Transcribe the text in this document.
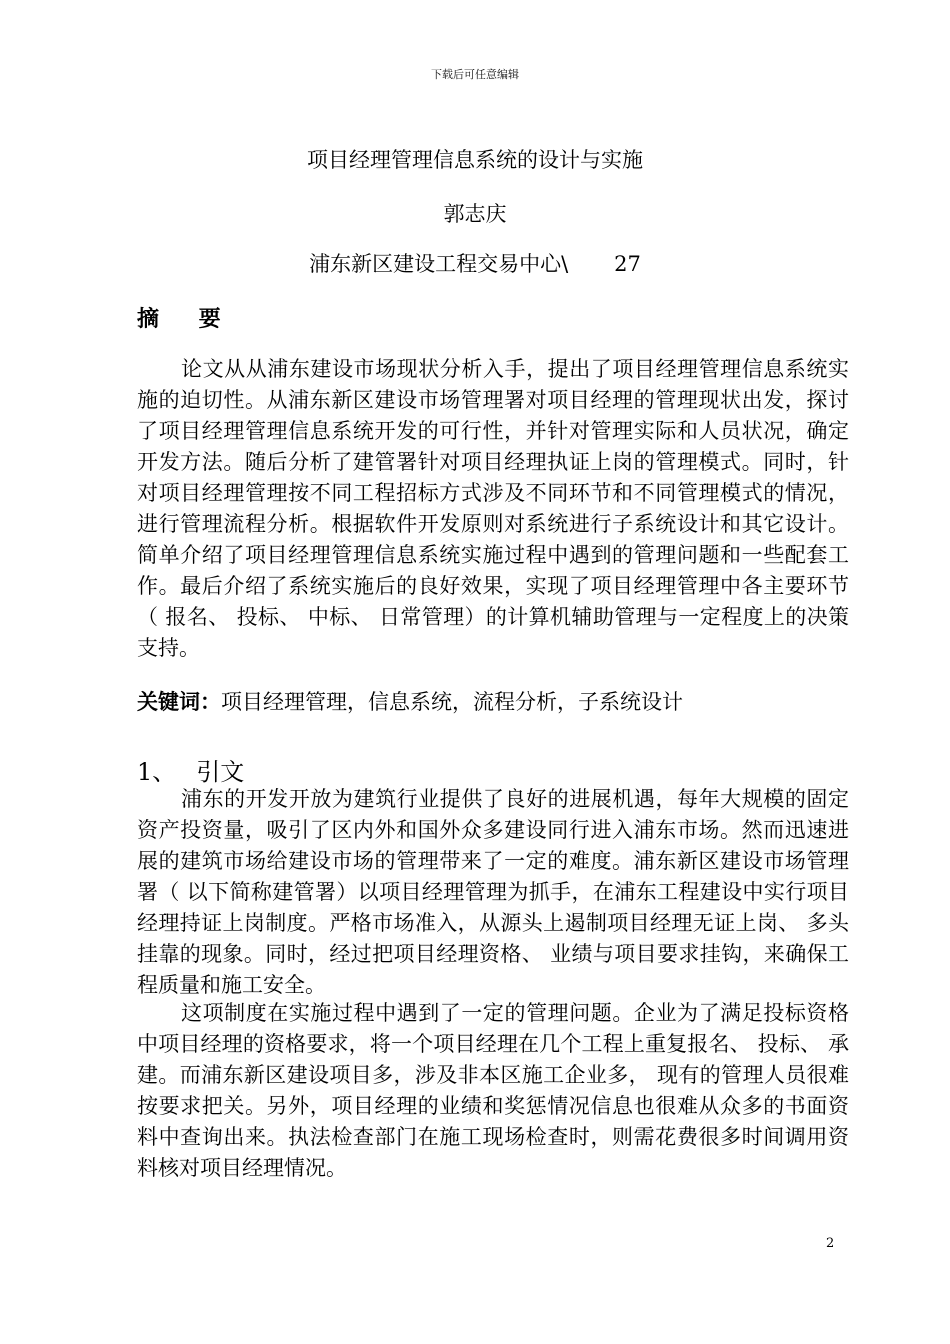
下载后可任意编辑
项目经理管理信息系统的设计与实施
郭志庆
浦东新区建设工程交易中心\ 27
摘 要

论文从从浦东建设市场现状分析入手，提出了项目经理管理信息系统实施的迫切性。从浦东新区建设市场管理署对项目经理的管理现状出发，探讨了项目经理管理信息系统开发的可行性，并针对管理实际和人员状况，确定开发方法。随后分析了建管署针对项目经理执证上岗的管理模式。同时，针对项目经理管理按不同工程招标方式涉及不同环节和不同管理模式的情况，进行管理流程分析。根据软件开发原则对系统进行子系统设计和其它设计。简单介绍了项目经理管理信息系统实施过程中遇到的管理问题和一些配套工作。最后介绍了系统实施后的良好效果，实现了项目经理管理中各主要环节（ 报名、 投标、 中标、 日常管理）的计算机辅助管理与一定程度上的决策支持。

关键词：项目经理管理，信息系统，流程分析，子系统设计
1、 引文

浦东的开发开放为建筑行业提供了良好的进展机遇，每年大规模的固定资产投资量，吸引了区内外和国外众多建设同行进入浦东市场。然而迅速进展的建筑市场给建设市场的管理带来了一定的难度。浦东新区建设市场管理署（ 以下简称建管署）以项目经理管理为抓手，在浦东工程建设中实行项目经理持证上岗制度。严格市场准入，从源头上遏制项目经理无证上岗、 多头挂靠的现象。同时，经过把项目经理资格、 业绩与项目要求挂钩，来确保工程质量和施工安全。

这项制度在实施过程中遇到了一定的管理问题。企业为了满足投标资格中项目经理的资格要求，将一个项目经理在几个工程上重复报名、 投标、 承建。而浦东新区建设项目多，涉及非本区施工企业多， 现有的管理人员很难按要求把关。另外，项目经理的业绩和奖惩情况信息也很难从众多的书面资料中查询出来。执法检查部门在施工现场检查时，则需花费很多时间调用资料核对项目经理情况。

2
